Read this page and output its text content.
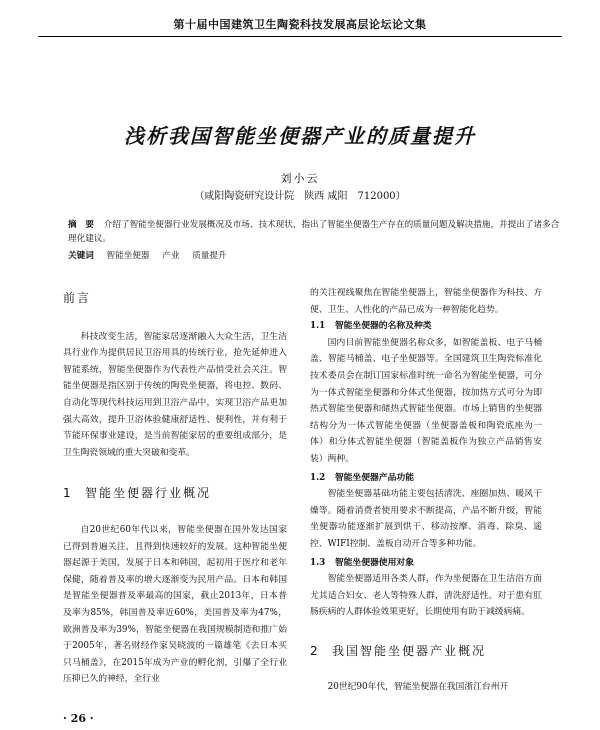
第十届中国建筑卫生陶瓷科技发展高层论坛论文集
浅析我国智能坐便器产业的质量提升
刘小云
（咸阳陶瓷研究设计院　陕西 咸阳　712000）
摘　要 介绍了智能坐便器行业发展概况及市场、技术现状，指出了智能坐便器生产存在的质量问题及解决措施，并提出了诸多合理化建议。
关键词 智能坐便器 产业 质量提升
前言

科技改变生活，智能家居逐渐融入大众生活，卫生洁具行业作为提供居民卫浴用具的传统行业，抢先延伸进入智能系统，智能坐便器作为代表性产品悄受社会关注。智能坐便器是指区别于传统的陶瓷坐便器，将电控、数码、自动化等现代科技运用到卫浴产品中，实现卫浴产品更加强大高效，提升卫浴体验健康舒适性、便利性，并有利于节能环保事业建设，是当前智能家居的重要组成部分，是卫生陶瓷领域的重大突破和变革。

1 智能坐便器行业概况

自20世纪60年代以来，智能坐便器在国外发达国家已得到普遍关注，且得到快速较好的发展。这种智能坐便器起源于美国，发展于日本和韩国，起初用于医疗和老年保健，随着普及率的增大逐渐变为民用产品。日本和韩国是智能坐便器普及率最高的国家，截止2013年，日本普及率为85%，韩国普及率近60%，美国普及率为47%，欧洲普及率为39%，智能坐便器在我国规模制造和推广始于2005年，著名财经作家吴晓波的一篇雄笔《去日本买只马桶盖》，在2015年成为产业的孵化剂，引爆了全行业压抑已久的神经，全行业

的关注视线聚焦在智能坐便器上，智能坐便器作为科技、方便、卫生、人性化的产品已成为一种智能化趋势。

1.1　 智能坐便器的名称及种类

国内目前智能坐便器名称众多，如智能盖板、电子马桶盖、智能马桶盖、电子坐便器等。全国建筑卫生陶瓷标准化技术委员会在制订国家标准时统一命名为智能坐便器，可分为一体式智能坐便器和分体式坐便器，按加热方式可分为即热式智能坐便器和储热式智能坐便器。市场上销售的坐便器结构分为一体式智能坐便器（坐便器盖板和陶瓷底座为一体）和分体式智能坐便器（智能盖板作为独立产品销售安装）两种。

1.2　 智能坐便器产品功能

智能坐便器基础功能主要包括清洗、座圈加热、暖风干燥等。随着消费者使用要求不断提高，产品不断升级，智能坐便器功能逐渐扩展到烘干、移动按摩、消毒、除臭、遥控、WIFI控制、盖板自动开合等多种功能。

1.3　 智能坐便器使用对象

智能坐便器适用各类人群，作为坐便器在卫生洁浴方面尤其适合妇女、老人等特殊人群，清洗舒适性。对于患有肛肠疾病的人群体验效果更好，长期使用有助于减缓病痛。

2 我国智能坐便器产业概况

20世纪90年代，智能坐便器在我国浙江台州开

· 26 ·
